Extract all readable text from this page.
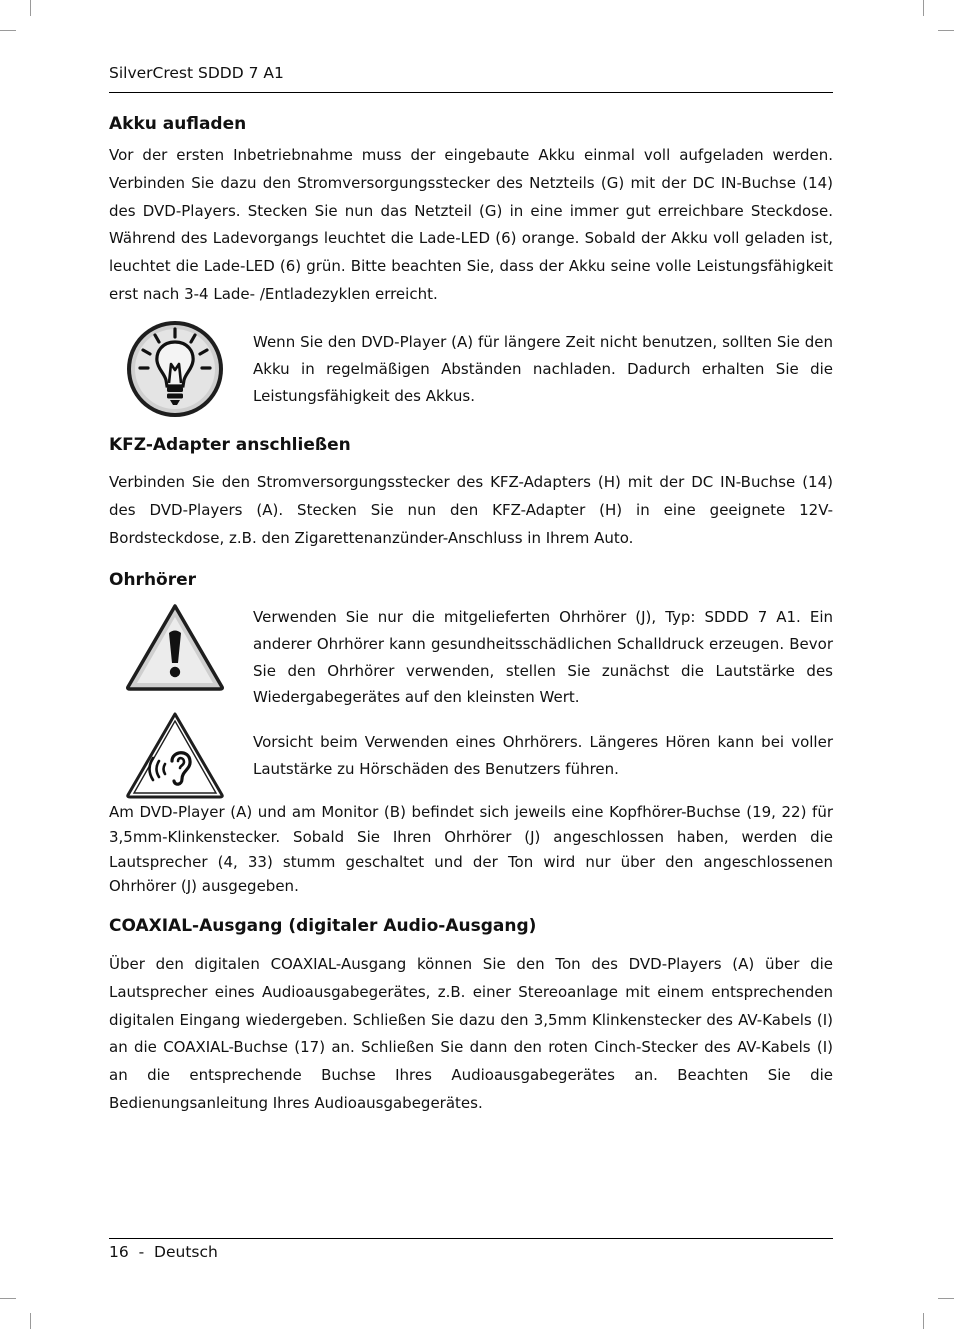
SilverCrest SDDD 7 A1
Akku aufladen

Vor der ersten Inbetriebnahme muss der eingebaute Akku einmal voll aufgeladen werden. Verbinden Sie dazu den Stromversorgungsstecker des Netzteils (G) mit der DC IN-Buchse (14) des DVD-Players. Stecken Sie nun das Netzteil (G) in eine immer gut erreichbare Steckdose. Während des Ladevorgangs leuchtet die Lade-LED (6) orange. Sobald der Akku voll geladen ist, leuchtet die Lade-LED (6) grün. Bitte beachten Sie, dass der Akku seine volle Leistungsfähigkeit erst nach 3-4 Lade- /Entladezyklen erreicht.

Wenn Sie den DVD-Player (A) für längere Zeit nicht benutzen, sollten Sie den Akku in regelmäßigen Abständen nachladen. Dadurch erhalten Sie die Leistungsfähigkeit des Akkus.

KFZ-Adapter anschließen

Verbinden Sie den Stromversorgungsstecker des KFZ-Adapters (H) mit der DC IN-Buchse (14) des DVD-Players (A). Stecken Sie nun den KFZ-Adapter (H) in eine geeignete 12V-Bordsteckdose, z.B. den Zigarettenanzünder-Anschluss in Ihrem Auto.

Ohrhörer

Verwenden Sie nur die mitgelieferten Ohrhörer (J), Typ: SDDD 7 A1. Ein anderer Ohrhörer kann gesundheitsschädlichen Schalldruck erzeugen. Bevor Sie den Ohrhörer verwenden, stellen Sie zunächst die Lautstärke des Wiedergabegerätes auf den kleinsten Wert.

Vorsicht beim Verwenden eines Ohrhörers. Längeres Hören kann bei voller Lautstärke zu Hörschäden des Benutzers führen.

Am DVD-Player (A) und am Monitor (B) befindet sich jeweils eine Kopfhörer-Buchse (19, 22) für 3,5mm-Klinkenstecker. Sobald Sie Ihren Ohrhörer (J) angeschlossen haben, werden die Lautsprecher (4, 33) stumm geschaltet und der Ton wird nur über den angeschlossenen Ohrhörer (J) ausgegeben.

COAXIAL-Ausgang (digitaler Audio-Ausgang)

Über den digitalen COAXIAL-Ausgang können Sie den Ton des DVD-Players (A) über die Lautsprecher eines Audioausgabegerätes, z.B. einer Stereoanlage mit einem entsprechenden digitalen Eingang wiedergeben. Schließen Sie dazu den 3,5mm Klinkenstecker des AV-Kabels (I) an die COAXIAL-Buchse (17) an. Schließen Sie dann den roten Cinch-Stecker des AV-Kabels (I) an die entsprechende Buchse Ihres Audioausgabegerätes an. Beachten Sie die Bedienungsanleitung Ihres Audioausgabegerätes.

16  -  Deutsch
